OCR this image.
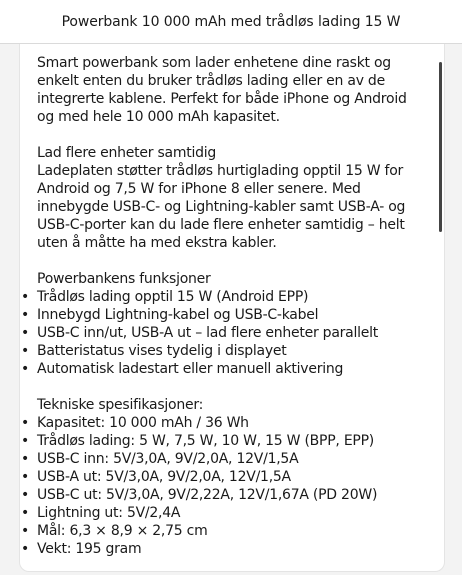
Powerbank 10 000 mAh med trådløs lading 15 W

Smart powerbank som lader enhetene dine raskt og enkelt enten du bruker trådløs lading eller en av de integrerte kablene. Perfekt for både iPhone og Android og med hele 10 000 mAh kapasitet.

Lad flere enheter samtidig

Ladeplaten støtter trådløs hurtiglading opptil 15 W for Android og 7,5 W for iPhone 8 eller senere. Med innebygde USB-C- og Lightning-kabler samt USB-A- og USB-C-porter kan du lade flere enheter samtidig – helt uten å måtte ha med ekstra kabler.

Powerbankens funksjoner

• Trådløs lading opptil 15 W (Android EPP)
• Innebygd Lightning-kabel og USB-C-kabel
• USB-C inn/ut, USB-A ut – lad flere enheter parallelt
• Batteristatus vises tydelig i displayet
• Automatisk ladestart eller manuell aktivering

Tekniske spesifikasjoner:

• Kapasitet: 10 000 mAh / 36 Wh
• Trådløs lading: 5 W, 7,5 W, 10 W, 15 W (BPP, EPP)
• USB-C inn: 5V/3,0A, 9V/2,0A, 12V/1,5A
• USB-A ut: 5V/3,0A, 9V/2,0A, 12V/1,5A
• USB-C ut: 5V/3,0A, 9V/2,22A, 12V/1,67A (PD 20W)
• Lightning ut: 5V/2,4A
• Mål: 6,3 × 8,9 × 2,75 cm
• Vekt: 195 gram
